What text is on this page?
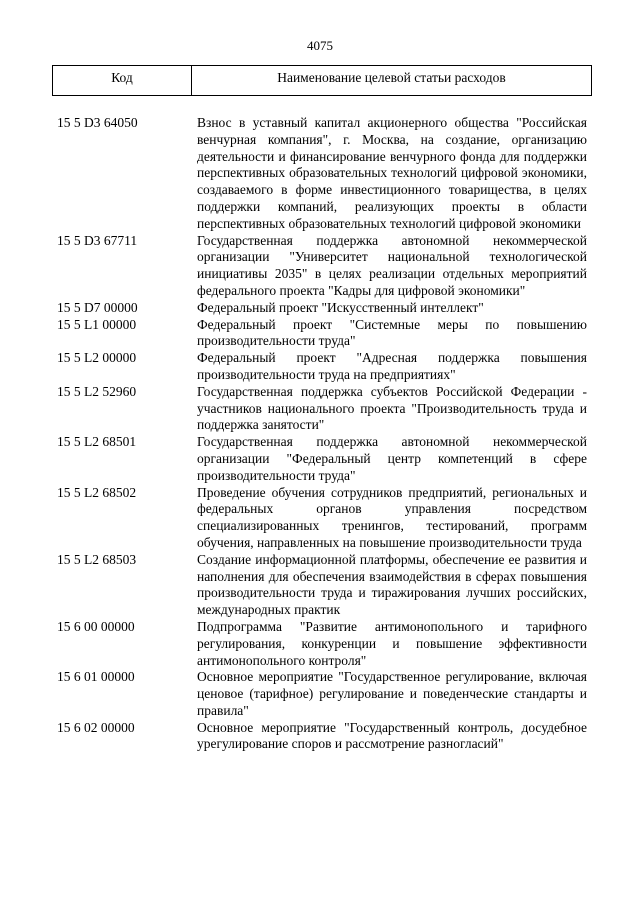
4075
Код	Наименование целевой статьи расходов
15 5 D3 64050	Взнос в уставный капитал акционерного общества "Российская венчурная компания", г. Москва, на создание, организацию деятельности и финансирование венчурного фонда для поддержки перспективных образовательных технологий цифровой экономики, создаваемого в форме инвестиционного товарищества, в целях поддержки компаний, реализующих проекты в области перспективных образовательных технологий цифровой экономики
15 5 D3 67711	Государственная поддержка автономной некоммерческой организации "Университет национальной технологической инициативы 2035" в целях реализации отдельных мероприятий федерального проекта "Кадры для цифровой экономики"
15 5 D7 00000	Федеральный проект "Искусственный интеллект"
15 5 L1 00000	Федеральный проект "Системные меры по повышению производительности труда"
15 5 L2 00000	Федеральный проект "Адресная поддержка повышения производительности труда на предприятиях"
15 5 L2 52960	Государственная поддержка субъектов Российской Федерации - участников национального проекта "Производительность труда и поддержка занятости"
15 5 L2 68501	Государственная поддержка автономной некоммерческой организации "Федеральный центр компетенций в сфере производительности труда"
15 5 L2 68502	Проведение обучения сотрудников предприятий, региональных и федеральных органов управления посредством специализированных тренингов, тестирований, программ обучения, направленных на повышение производительности труда
15 5 L2 68503	Создание информационной платформы, обеспечение ее развития и наполнения для обеспечения взаимодействия в сферах повышения производительности труда и тиражирования лучших российских, международных практик
15 6 00 00000	Подпрограмма "Развитие антимонопольного и тарифного регулирования, конкуренции и повышение эффективности антимонопольного контроля"
15 6 01 00000	Основное мероприятие "Государственное регулирование, включая ценовое (тарифное) регулирование и поведенческие стандарты и правила"
15 6 02 00000	Основное мероприятие "Государственный контроль, досудебное урегулирование споров и рассмотрение разногласий"
